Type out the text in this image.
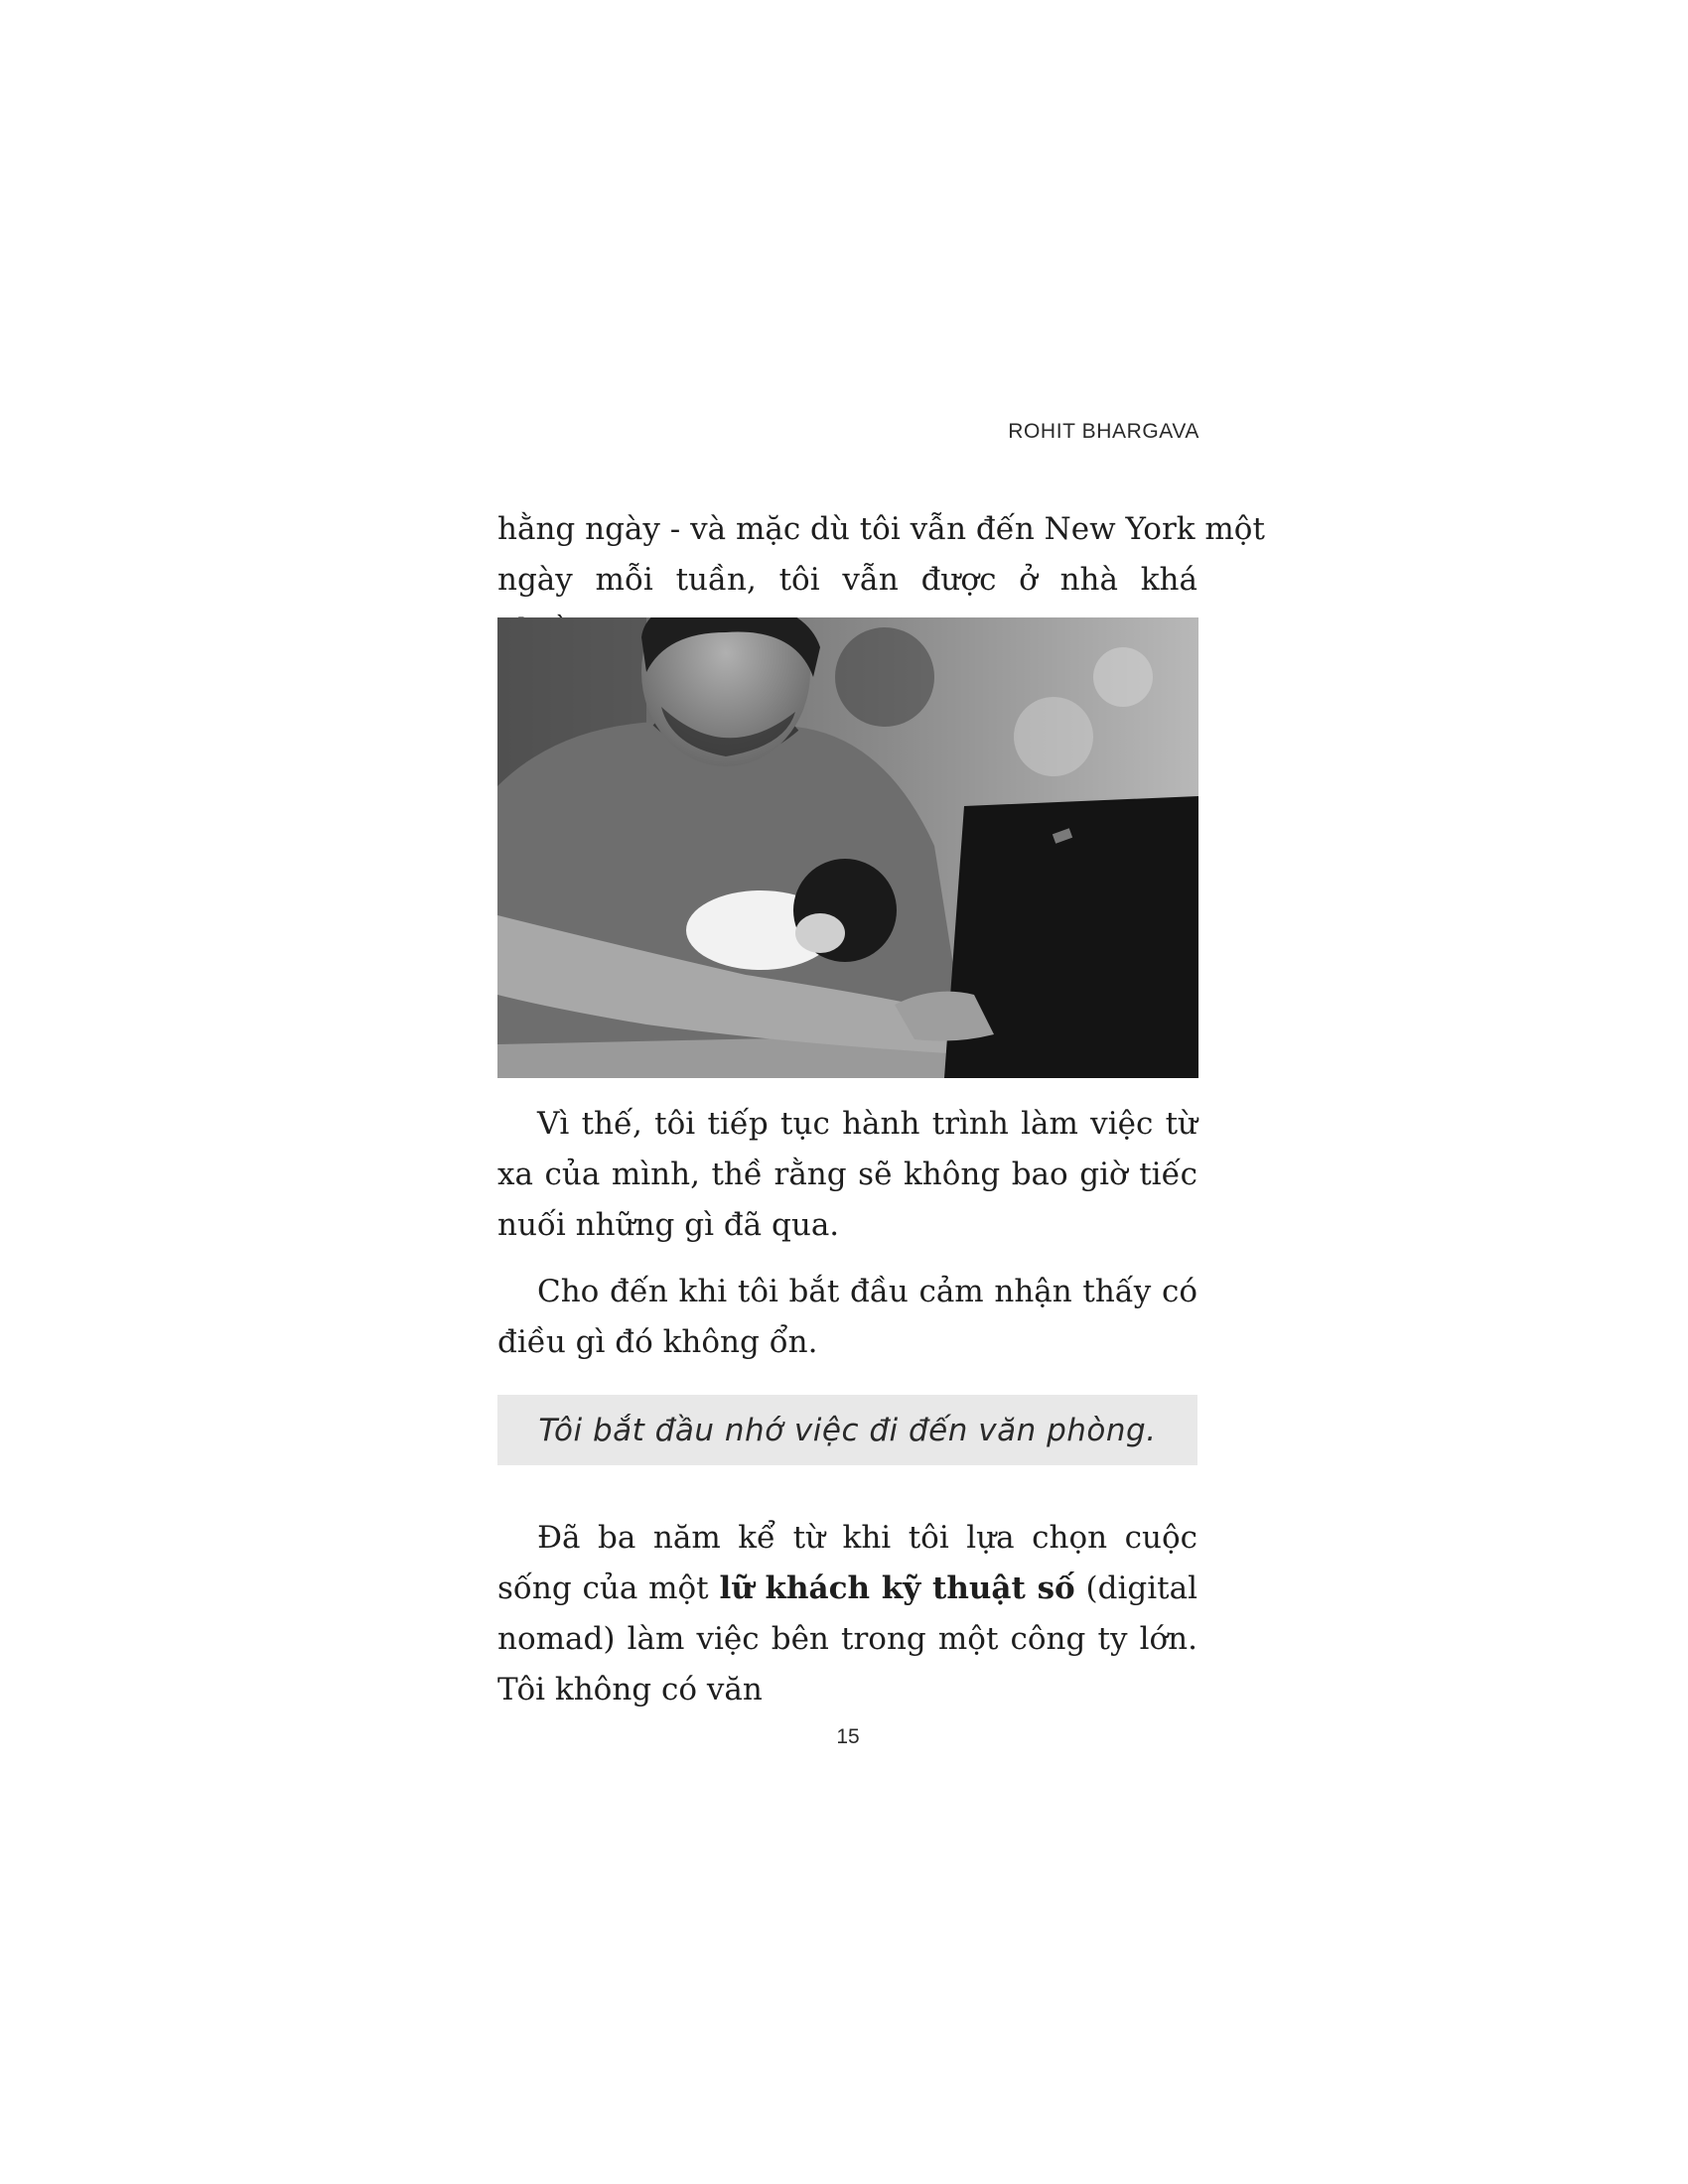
ROHIT BHARGAVA

hằng ngày - và mặc dù tôi vẫn đến New York một
ngày mỗi tuần, tôi vẫn được ở nhà khá

Vì thế, tôi tiếp tục hành trình làm việc từ xa của mình, thề rằng sẽ không bao giờ tiếc nuối những gì đã qua.

Cho đến khi tôi bắt đầu cảm nhận thấy có điều gì đó không ổn.

Tôi bắt đầu nhớ việc đi đến văn phòng.

Đã ba năm kể từ khi tôi lựa chọn cuộc sống của một lữ khách kỹ thuật số (digital nomad) làm việc bên trong một công ty lớn. Tôi không có văn

15
